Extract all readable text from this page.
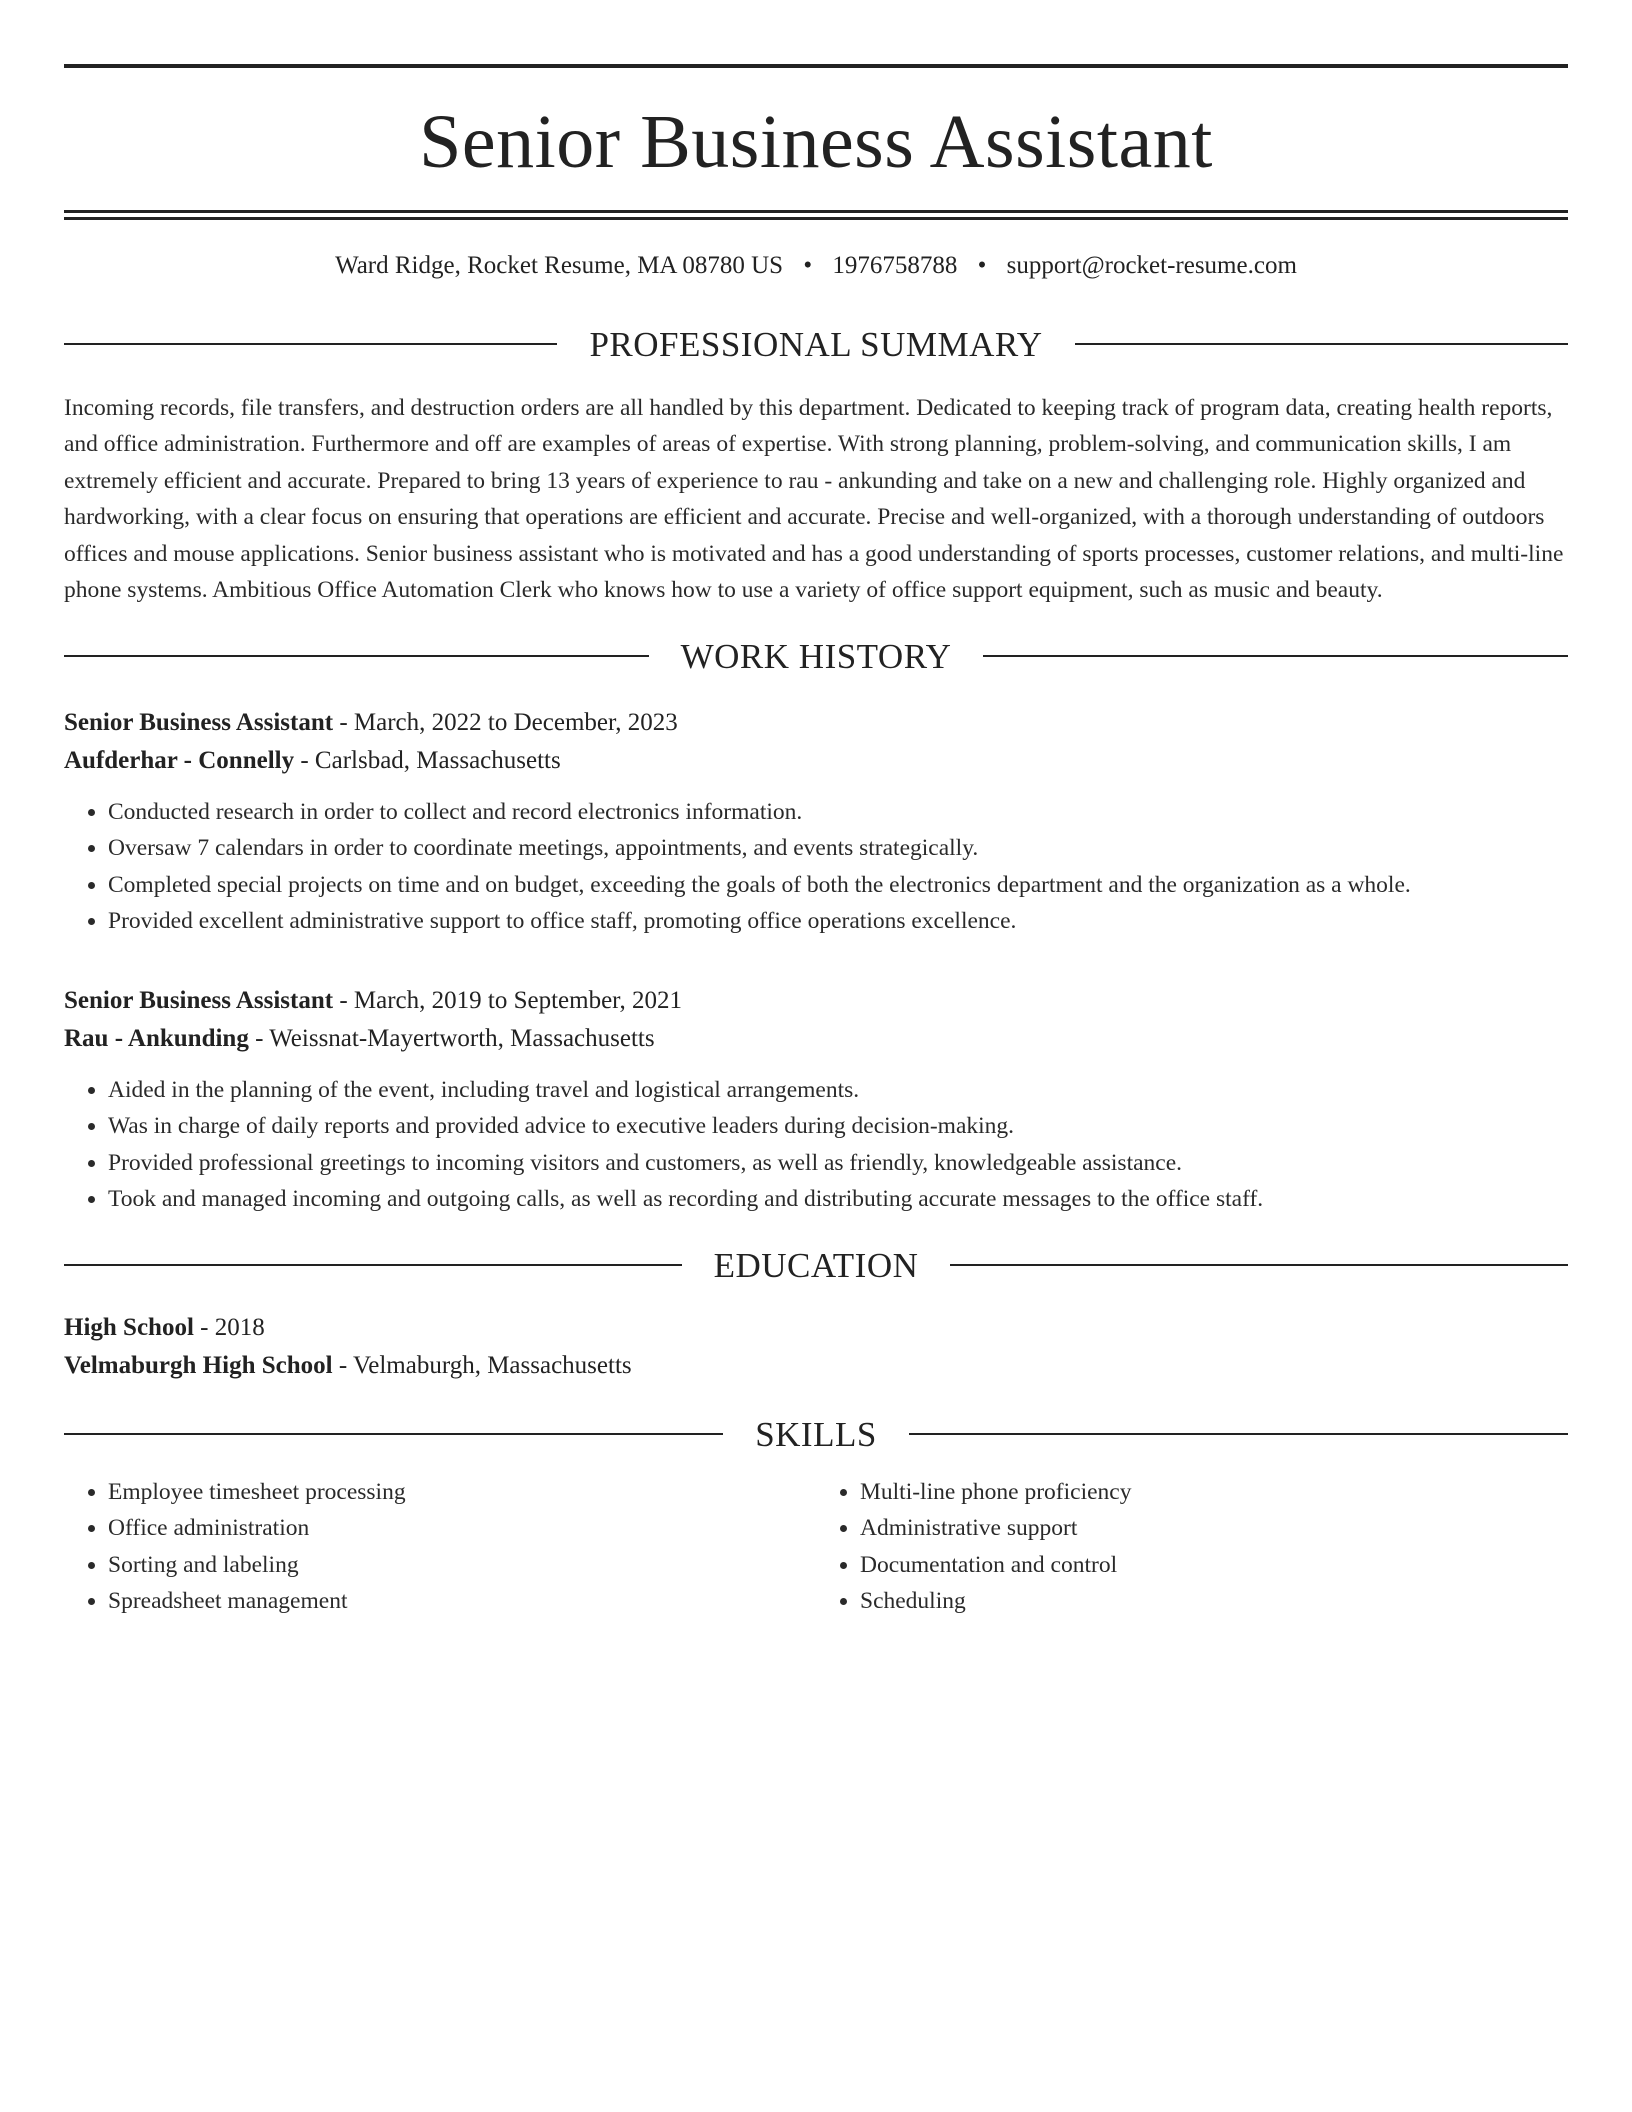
Senior Business Assistant
Ward Ridge, Rocket Resume, MA 08780 US • 1976758788 • support@rocket-resume.com
PROFESSIONAL SUMMARY
Incoming records, file transfers, and destruction orders are all handled by this department. Dedicated to keeping track of program data, creating health reports, and office administration. Furthermore and off are examples of areas of expertise. With strong planning, problem-solving, and communication skills, I am extremely efficient and accurate. Prepared to bring 13 years of experience to rau - ankunding and take on a new and challenging role. Highly organized and hardworking, with a clear focus on ensuring that operations are efficient and accurate. Precise and well-organized, with a thorough understanding of outdoors offices and mouse applications. Senior business assistant who is motivated and has a good understanding of sports processes, customer relations, and multi-line phone systems. Ambitious Office Automation Clerk who knows how to use a variety of office support equipment, such as music and beauty.
WORK HISTORY
Senior Business Assistant - March, 2022 to December, 2023
Aufderhar - Connelly - Carlsbad, Massachusetts
• Conducted research in order to collect and record electronics information.
• Oversaw 7 calendars in order to coordinate meetings, appointments, and events strategically.
• Completed special projects on time and on budget, exceeding the goals of both the electronics department and the organization as a whole.
• Provided excellent administrative support to office staff, promoting office operations excellence.
Senior Business Assistant - March, 2019 to September, 2021
Rau - Ankunding - Weissnat-Mayertworth, Massachusetts
• Aided in the planning of the event, including travel and logistical arrangements.
• Was in charge of daily reports and provided advice to executive leaders during decision-making.
• Provided professional greetings to incoming visitors and customers, as well as friendly, knowledgeable assistance.
• Took and managed incoming and outgoing calls, as well as recording and distributing accurate messages to the office staff.
EDUCATION
High School - 2018
Velmaburgh High School - Velmaburgh, Massachusetts
SKILLS
• Employee timesheet processing
• Office administration
• Sorting and labeling
• Spreadsheet management
• Multi-line phone proficiency
• Administrative support
• Documentation and control
• Scheduling
